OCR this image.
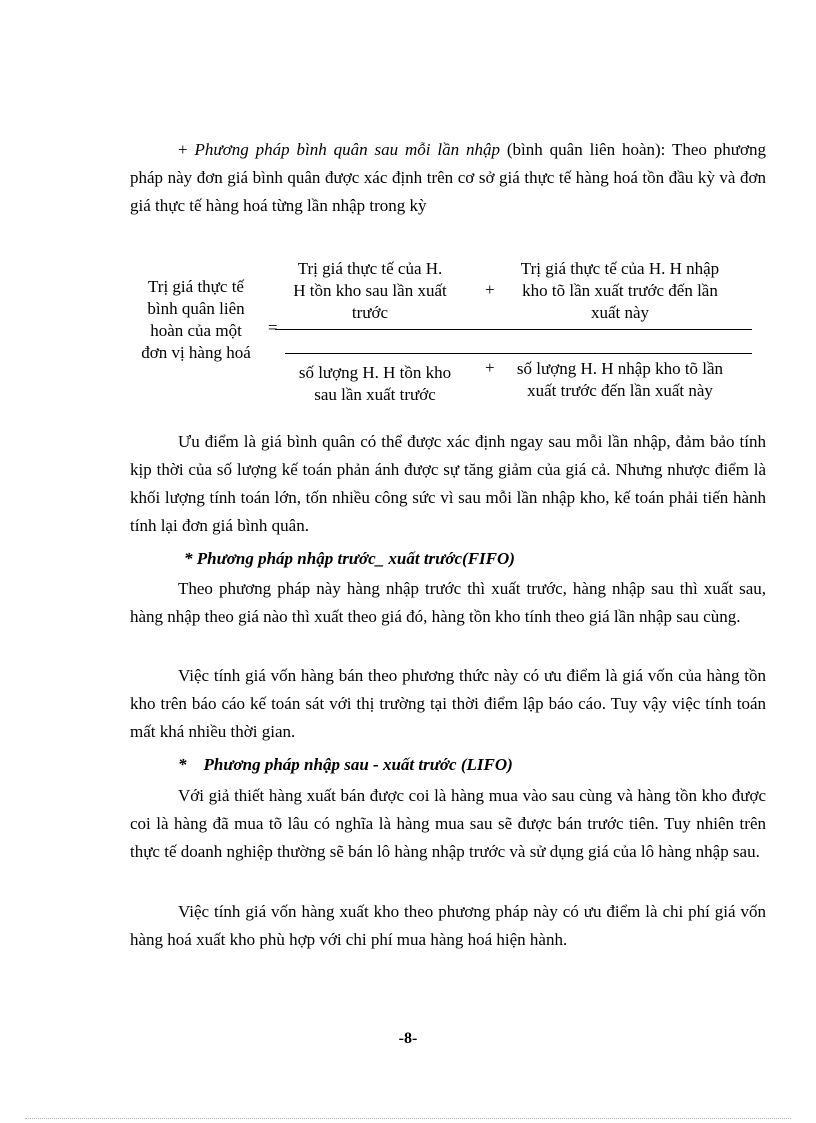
+ Phương pháp bình quân sau mỗi lần nhập (bình quân liên hoàn): Theo phương pháp này đơn giá bình quân được xác định trên cơ sở giá thực tế hàng hoá tồn đầu kỳ và đơn giá thực tế hàng hoá từng lần nhập trong kỳ

Trị giá thực tế
bình quân liên
hoàn của một
đơn vị hàng hoá
=
Trị giá thực tế của H.
H tồn kho sau lần xuất
trước
+
Trị giá thực tế của H. H nhập
kho tõ lần xuất trước đến lần
xuất này
số lượng H. H tồn kho
sau lần xuất trước
+	số lượng H. H nhập kho tõ lần
xuất trước đến lần xuất này

Ưu điểm là giá bình quân có thể được xác định ngay sau mỗi lần nhập, đảm bảo tính kịp thời của số lượng kế toán phản ánh được sự tăng giảm của giá cả. Nhưng nhược điểm là khối lượng tính toán lớn, tốn nhiều công sức vì sau mỗi lần nhập kho, kế toán phải tiến hành tính lại đơn giá bình quân.

* Phương pháp nhập trước_ xuất trước(FIFO)

Theo phương pháp này hàng nhập trước thì xuất trước, hàng nhập sau thì xuất sau, hàng nhập theo giá nào thì xuất theo giá đó, hàng tồn kho tính theo giá lần nhập sau cùng.

Việc tính giá vốn hàng bán theo phương thức này có ưu điểm là giá vốn của hàng tồn kho trên báo cáo kế toán sát với thị trường tại thời điểm lập báo cáo. Tuy vậy việc tính toán mất khá nhiều thời gian.

*    Phương pháp nhập sau - xuất trước (LIFO)

Với giả thiết hàng xuất bán được coi là hàng mua vào sau cùng và hàng tồn kho được coi là hàng đã mua tõ lâu có nghĩa là hàng mua sau sẽ được bán trước tiên. Tuy nhiên trên thực tế doanh nghiệp thường sẽ bán lô hàng nhập trước và sử dụng giá của lô hàng nhập sau.

Việc tính giá vốn hàng xuất kho theo phương pháp này có ưu điểm là chi phí giá vốn hàng hoá xuất kho phù hợp với chi phí mua hàng hoá hiện hành.

-8-
